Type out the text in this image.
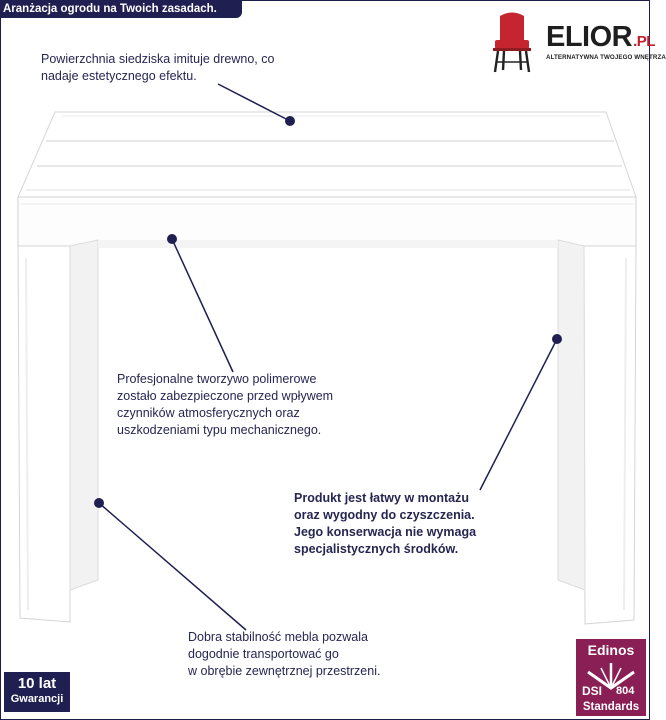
Aranżacja ogrodu na Twoich zasadach.
ELIOR.PL
ALTERNATYWNA TWOJEGO WNĘTRZA

Powierzchnia siedziska imituje drewno, co

nadaje estetycznego efektu.

Profesjonalne tworzywo polimerowe

zostało zabezpieczone przed wpływem

czynników atmosferycznych oraz

uszkodzeniami typu mechanicznego.

Produkt jest łatwy w montażu

oraz wygodny do czyszczenia.

Jego konserwacja nie wymaga

specjalistycznych środków.

Dobra stabilność mebla pozwala

dogodnie transportować go

w obrębie zewnętrznej przestrzeni.

10 lat
Gwarancji
Edinos
DSI 804
Standards
